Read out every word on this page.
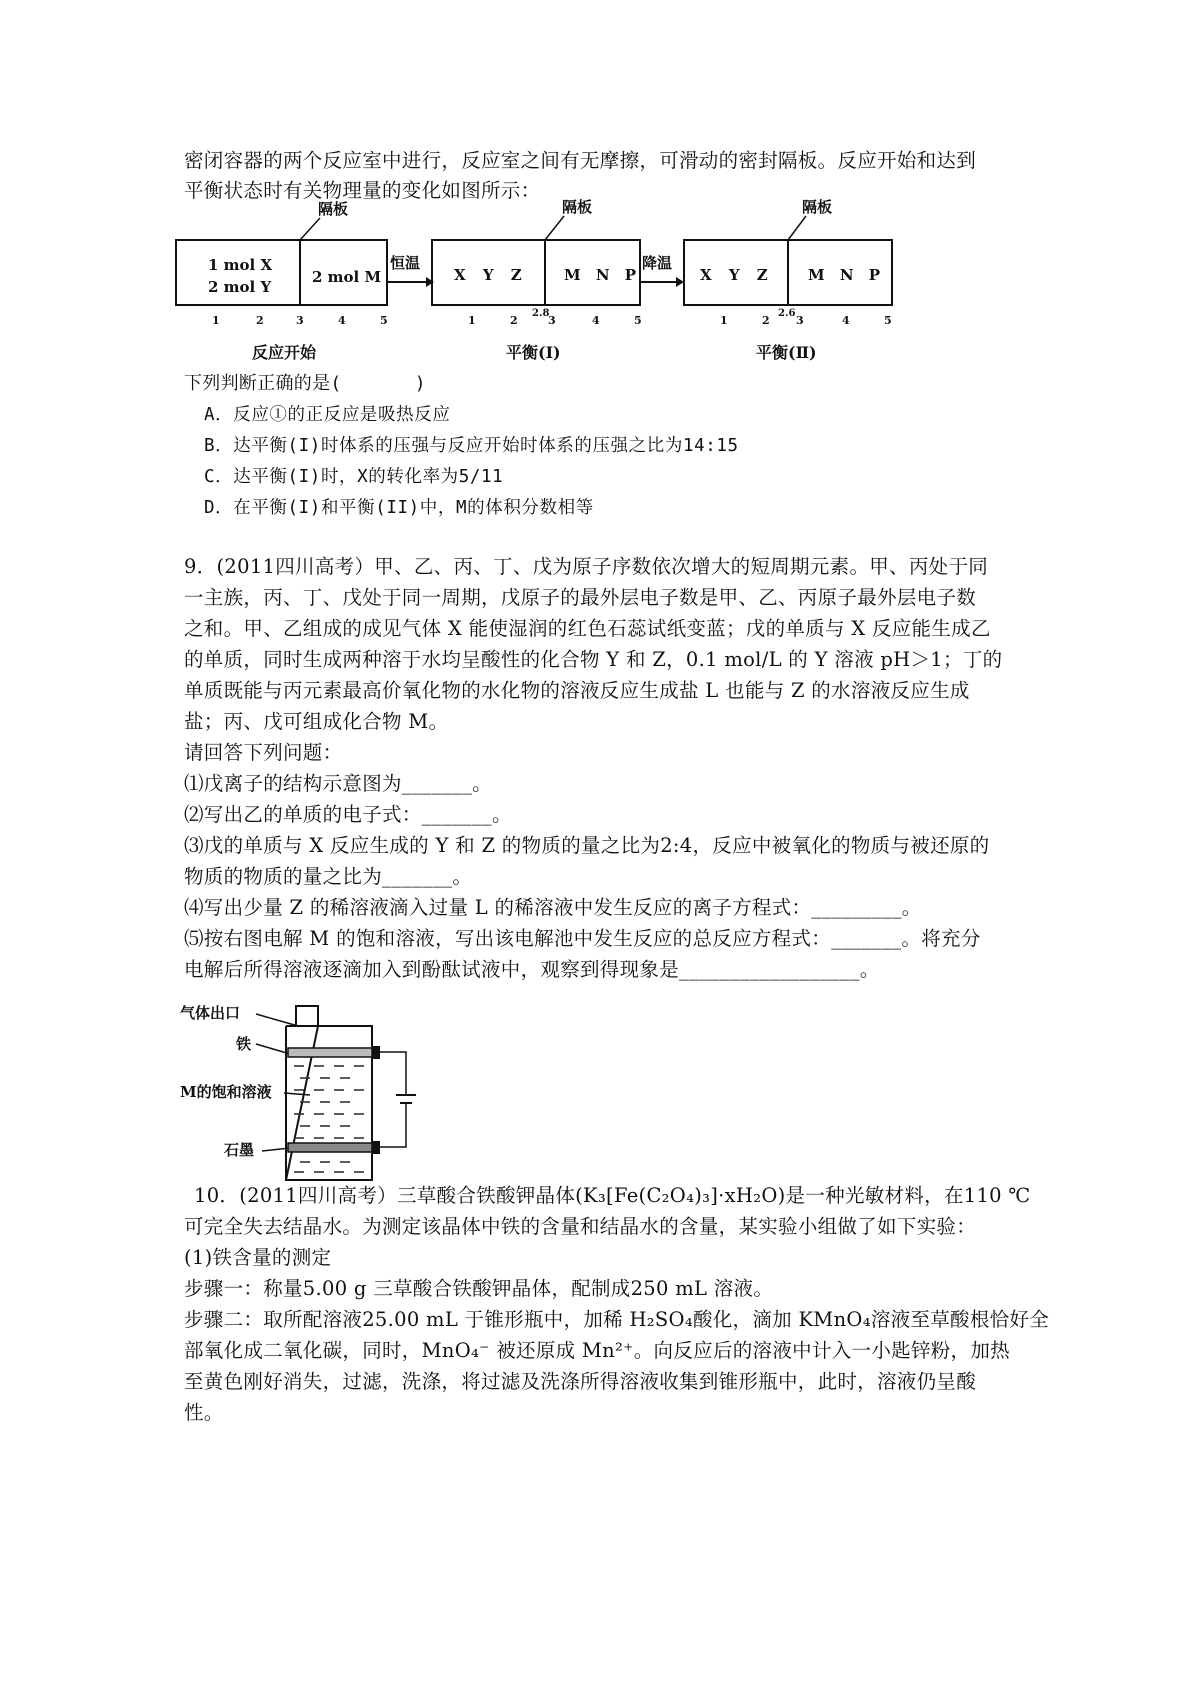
密闭容器的两个反应室中进行，反应室之间有无摩擦，可滑动的密封隔板。反应开始和达到
平衡状态时有关物理量的变化如图所示：
1 mol X
2 mol Y
2 mol M
隔板
恒温
X Y Z M N P
隔板
降温
X Y Z M N P
隔板
1	2	3	4	5	1	2
2.8
3	4	5	1	2
2.6
3	4	5
反应开始	平衡(Ⅰ)	平衡(Ⅱ)
下列判断正确的是(　　　　)
A．反应①的正反应是吸热反应
B．达平衡(I)时体系的压强与反应开始时体系的压强之比为14:15
C．达平衡(I)时，X的转化率为5/11
D．在平衡(I)和平衡(II)中，M的体积分数相等
9．(2011四川高考）甲、乙、丙、丁、戊为原子序数依次增大的短周期元素。甲、丙处于同
一主族，丙、丁、戊处于同一周期，戊原子的最外层电子数是甲、乙、丙原子最外层电子数
之和。甲、乙组成的成见气体 X 能使湿润的红色石蕊试纸变蓝；戊的单质与 X 反应能生成乙
的单质，同时生成两种溶于水均呈酸性的化合物 Y 和 Z，0.1 mol/L 的 Y 溶液 pH＞1；丁的
单质既能与丙元素最高价氧化物的水化物的溶液反应生成盐 L 也能与 Z 的水溶液反应生成
盐；丙、戊可组成化合物 M。
请回答下列问题：
⑴戊离子的结构示意图为_______。
⑵写出乙的单质的电子式：_______。
⑶戊的单质与 X 反应生成的 Y 和 Z 的物质的量之比为2:4，反应中被氧化的物质与被还原的
物质的物质的量之比为_______。
⑷写出少量 Z 的稀溶液滴入过量 L 的稀溶液中发生反应的离子方程式：_________。
⑸按右图电解 M 的饱和溶液，写出该电解池中发生反应的总反应方程式：_______。将充分
电解后所得溶液逐滴加入到酚酞试液中，观察到得现象是__________________。
气体出口
铁
M的饱和溶液
石墨
10．(2011四川高考）三草酸合铁酸钾晶体(K₃[Fe(C₂O₄)₃]·xH₂O)是一种光敏材料，在110 ℃
可完全失去结晶水。为测定该晶体中铁的含量和结晶水的含量，某实验小组做了如下实验：
(1)铁含量的测定
步骤一：称量5.00 g 三草酸合铁酸钾晶体，配制成250 mL 溶液。
步骤二：取所配溶液25.00 mL 于锥形瓶中，加稀 H₂SO₄酸化，滴加 KMnO₄溶液至草酸根恰好全
部氧化成二氧化碳，同时，MnO₄⁻ 被还原成 Mn²⁺。向反应后的溶液中计入一小匙锌粉，加热
至黄色刚好消失，过滤，洗涤，将过滤及洗涤所得溶液收集到锥形瓶中，此时，溶液仍呈酸
性。
